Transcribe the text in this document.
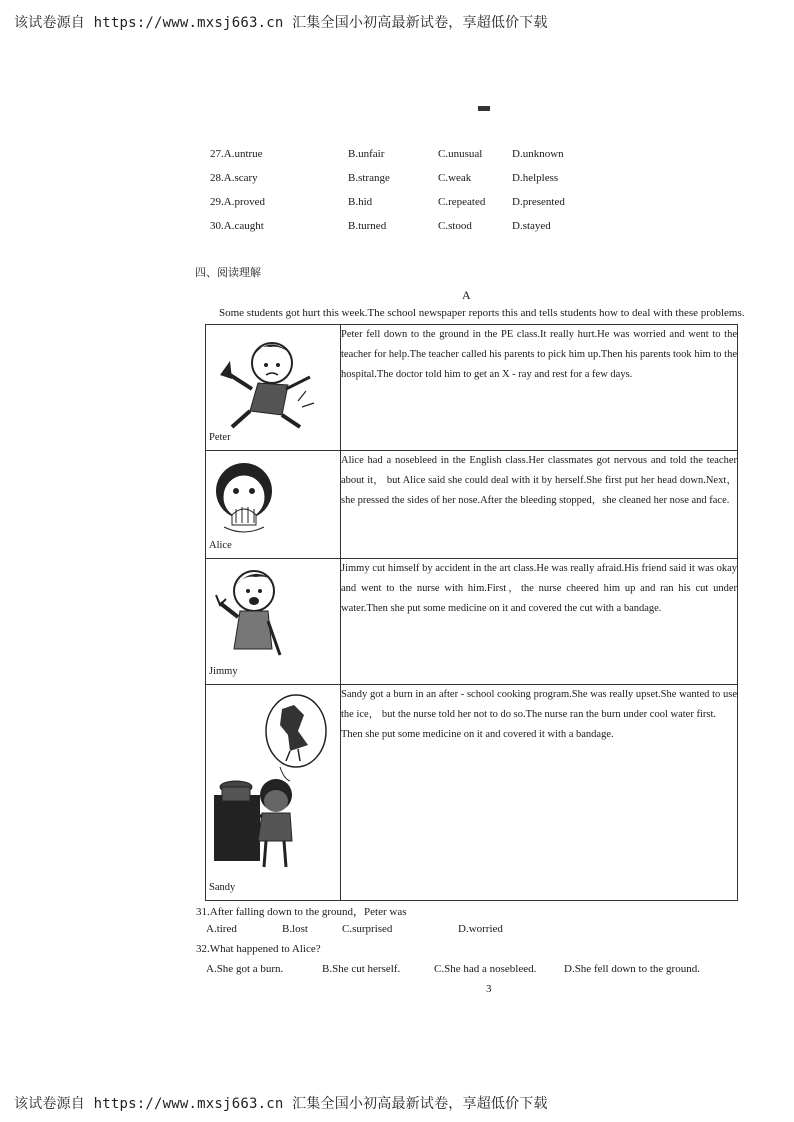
该试卷源自 https://www.mxsj663.cn 汇集全国小初高最新试卷，享超低价下载
27.A.untrue	B.unfair	C.unusual	D.unknown
28.A.scary	B.strange	C.weak	D.helpless
29.A.proved	B.hid	C.repeated D.presented
30.A.caught	B.turned	C.stood	D.stayed
四、阅读理解
A
Some students got hurt this week.The school newspaper reports this and tells students how to deal with these problems.
Peter	Peter fell down to the ground in the PE class.It really hurt.He was worried and went to the teacher for help.The teacher called his parents to pick him up.Then his parents took him to the hospital.The doctor told him to get an X - ray and rest for a few days.

Alice	Alice had a nosebleed in the English class.Her classmates got nervous and told the teacher about it， but Alice said she could deal with it by herself.She first put her head down.Next，she pressed the sides of her nose.After the bleeding stopped，she cleaned her nose and face.

Jimmy	Jimmy cut himself by accident in the art class.He was really afraid.His friend said it was okay and went to the nurse with him.First，the nurse cheered him up and ran his cut under water.Then she put some medicine on it and covered the cut with a bandage.

Sandy	Sandy got a burn in an after - school cooking program.She was really upset.She wanted to use the ice， but the nurse told her not to do so.The nurse ran the burn under cool water first.
Then she put some medicine on it and covered it with a bandage.
31.After falling down to the ground，Peter was
A.tired	B.lost	C.surprised	D.worried
32.What happened to Alice?
A.She got a burn.	B.She cut herself.	C.She had a nosebleed.	D.She fell down to the ground.
3
该试卷源自 https://www.mxsj663.cn 汇集全国小初高最新试卷，享超低价下载
